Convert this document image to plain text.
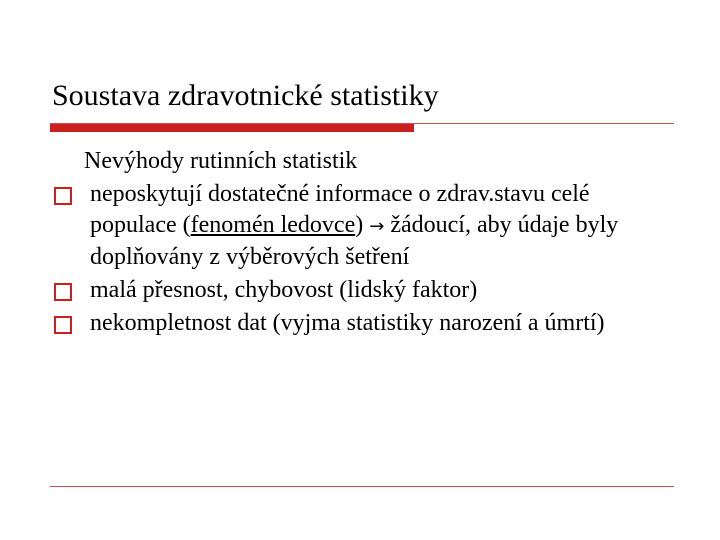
Soustava zdravotnické statistiky
Nevýhody rutinních statistik
neposkytují dostatečné informace o zdrav.stavu celé populace (fenomén ledovce) → žádoucí, aby údaje byly doplňovány z výběrových šetření
malá přesnost, chybovost (lidský faktor)
nekompletnost dat (vyjma statistiky narození a úmrtí)
